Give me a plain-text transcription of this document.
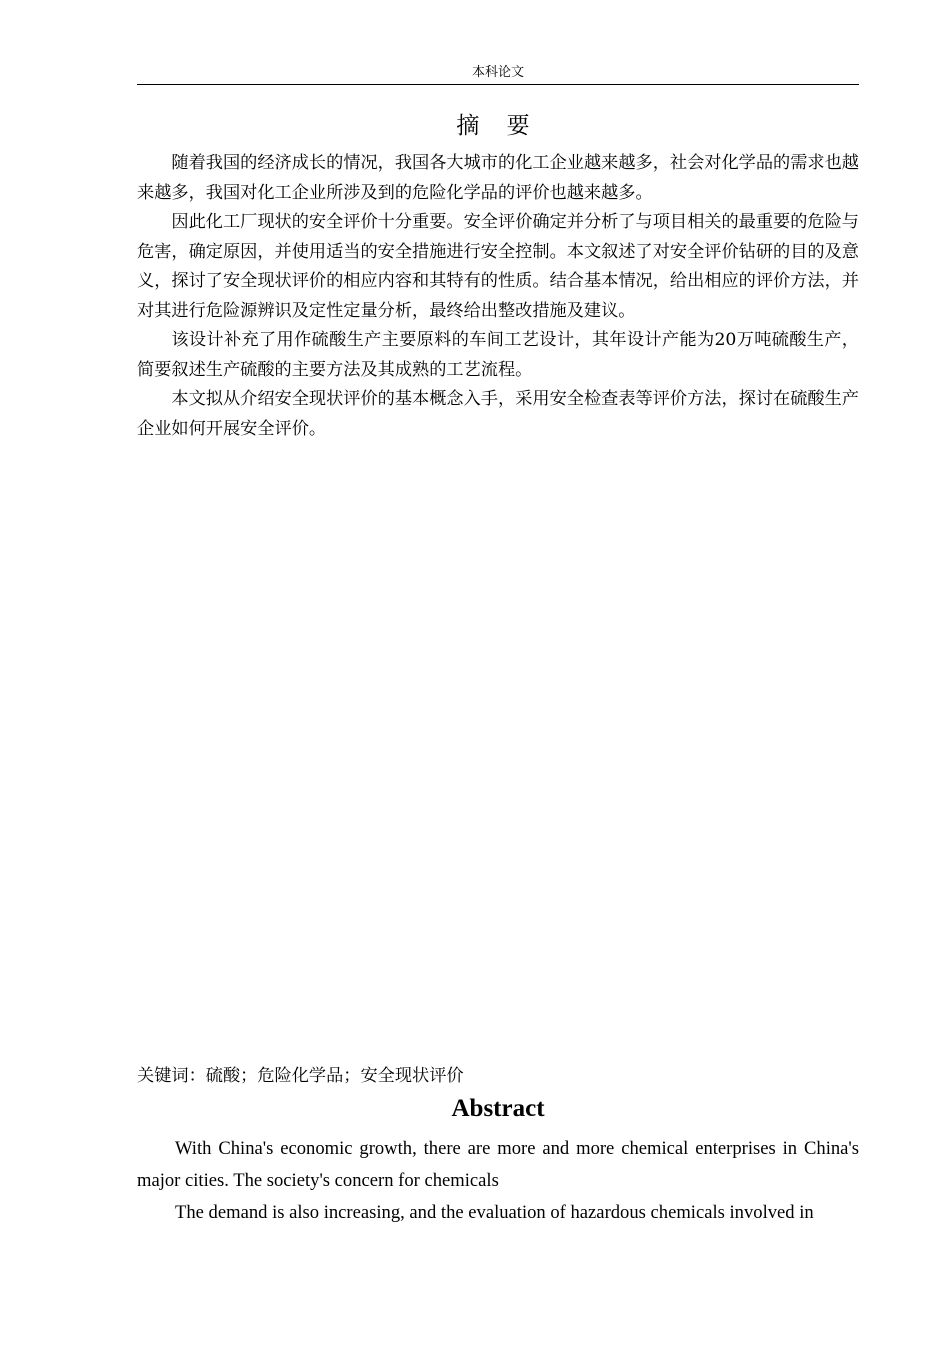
本科论文
摘 要

随着我国的经济成长的情况，我国各大城市的化工企业越来越多，社会对化学品的需求也越来越多，我国对化工企业所涉及到的危险化学品的评价也越来越多。

因此化工厂现状的安全评价十分重要。安全评价确定并分析了与项目相关的最重要的危险与危害，确定原因，并使用适当的安全措施进行安全控制。本文叙述了对安全评价钻研的目的及意义，探讨了安全现状评价的相应内容和其特有的性质。结合基本情况，给出相应的评价方法，并对其进行危险源辨识及定性定量分析，最终给出整改措施及建议。

该设计补充了用作硫酸生产主要原料的车间工艺设计，其年设计产能为20万吨硫酸生产，简要叙述生产硫酸的主要方法及其成熟的工艺流程。

本文拟从介绍安全现状评价的基本概念入手，采用安全检查表等评价方法，探讨在硫酸生产企业如何开展安全评价。

关键词：硫酸；危险化学品；安全现状评价
Abstract

With China's economic growth, there are more and more chemical enterprises in China's major cities. The society's concern for chemicals

The demand is also increasing, and the evaluation of hazardous chemicals involved in
